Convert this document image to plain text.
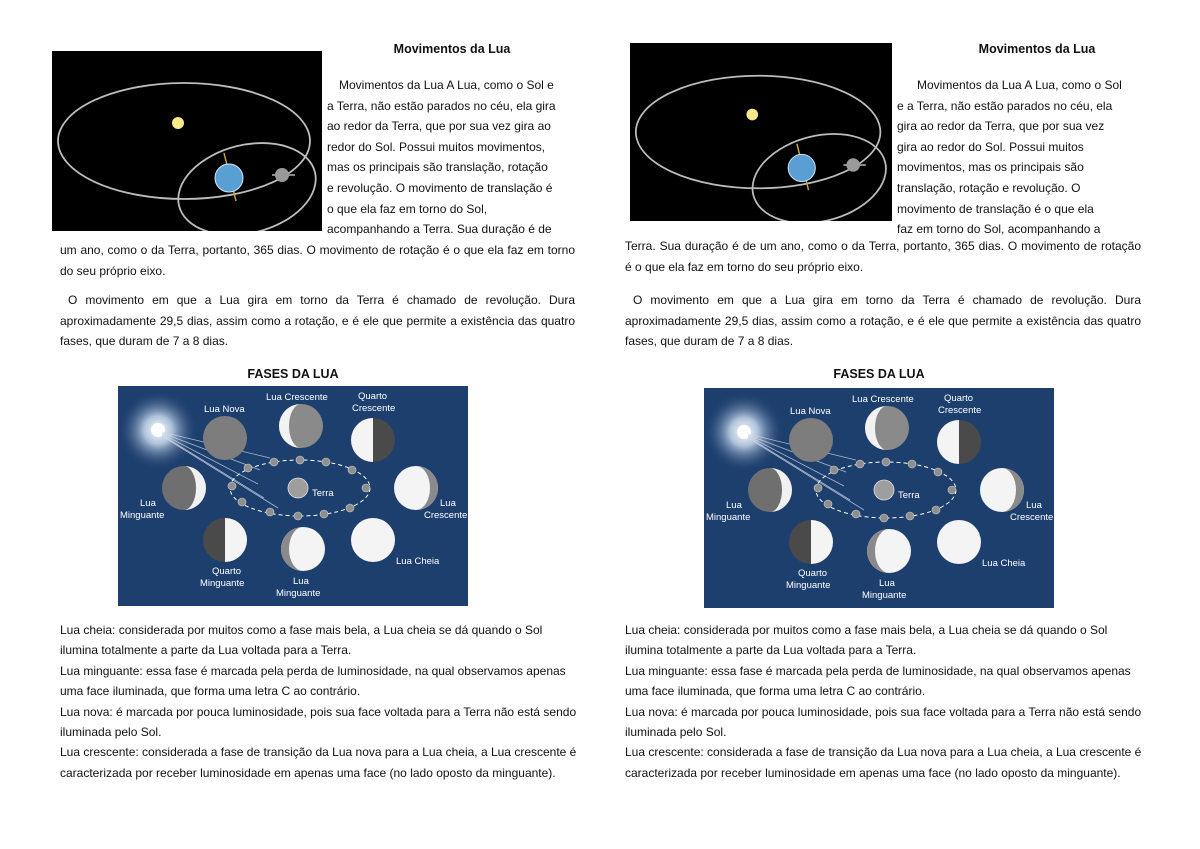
Movimentos da Lua
Movimentos da Lua A Lua, como o Sol e
a Terra, não estão parados no céu, ela gira
ao redor da Terra, que por sua vez gira ao
redor do Sol. Possui muitos movimentos,
mas os principais são translação, rotação
e revolução. O movimento de translação é
o que ela faz em torno do Sol,
acompanhando a Terra. Sua duração é de
um ano, como o da Terra, portanto, 365 dias. O movimento de rotação é o que ela faz em torno do seu próprio eixo.
O movimento em que a Lua gira em torno da Terra é chamado de revolução. Dura aproximadamente 29,5 dias, assim como a rotação, e é ele que permite a existência das quatro fases, que duram de 7 a 8 dias.
FASES DA LUA
Terra
Lua Nova
Lua Crescente	Quarto
Crescente
Lua
Minguante
Lua
Crescente
Quarto
Minguante	Lua
Minguante
Lua Cheia

Lua cheia: considerada por muitos como a fase mais bela, a Lua cheia se dá quando o Sol ilumina totalmente a parte da Lua voltada para a Terra.

Lua minguante: essa fase é marcada pela perda de luminosidade, na qual observamos apenas uma face iluminada, que forma uma letra C ao contrário.

Lua nova: é marcada por pouca luminosidade, pois sua face voltada para a Terra não está sendo iluminada pelo Sol.

Lua crescente: considerada a fase de transição da Lua nova para a Lua cheia, a Lua crescente é caracterizada por receber luminosidade em apenas uma face (no lado oposto da minguante).

Movimentos da Lua
Movimentos da Lua A Lua, como o Sol
e a Terra, não estão parados no céu, ela
gira ao redor da Terra, que por sua vez
gira ao redor do Sol. Possui muitos
movimentos, mas os principais são
translação, rotação e revolução. O
movimento de translação é o que ela
faz em torno do Sol, acompanhando a
Terra. Sua duração é de um ano, como o da Terra, portanto, 365 dias. O movimento de rotação é o que ela faz em torno do seu próprio eixo.
O movimento em que a Lua gira em torno da Terra é chamado de revolução. Dura aproximadamente 29,5 dias, assim como a rotação, e é ele que permite a existência das quatro fases, que duram de 7 a 8 dias.
FASES DA LUA
Terra
Lua Nova
Lua Crescente	Quarto
Crescente
Lua
Minguante
Lua
Crescente
Quarto
Minguante	Lua
Minguante
Lua Cheia

Lua cheia: considerada por muitos como a fase mais bela, a Lua cheia se dá quando o Sol ilumina totalmente a parte da Lua voltada para a Terra.

Lua minguante: essa fase é marcada pela perda de luminosidade, na qual observamos apenas uma face iluminada, que forma uma letra C ao contrário.

Lua nova: é marcada por pouca luminosidade, pois sua face voltada para a Terra não está sendo iluminada pelo Sol.

Lua crescente: considerada a fase de transição da Lua nova para a Lua cheia, a Lua crescente é caracterizada por receber luminosidade em apenas uma face (no lado oposto da minguante).
